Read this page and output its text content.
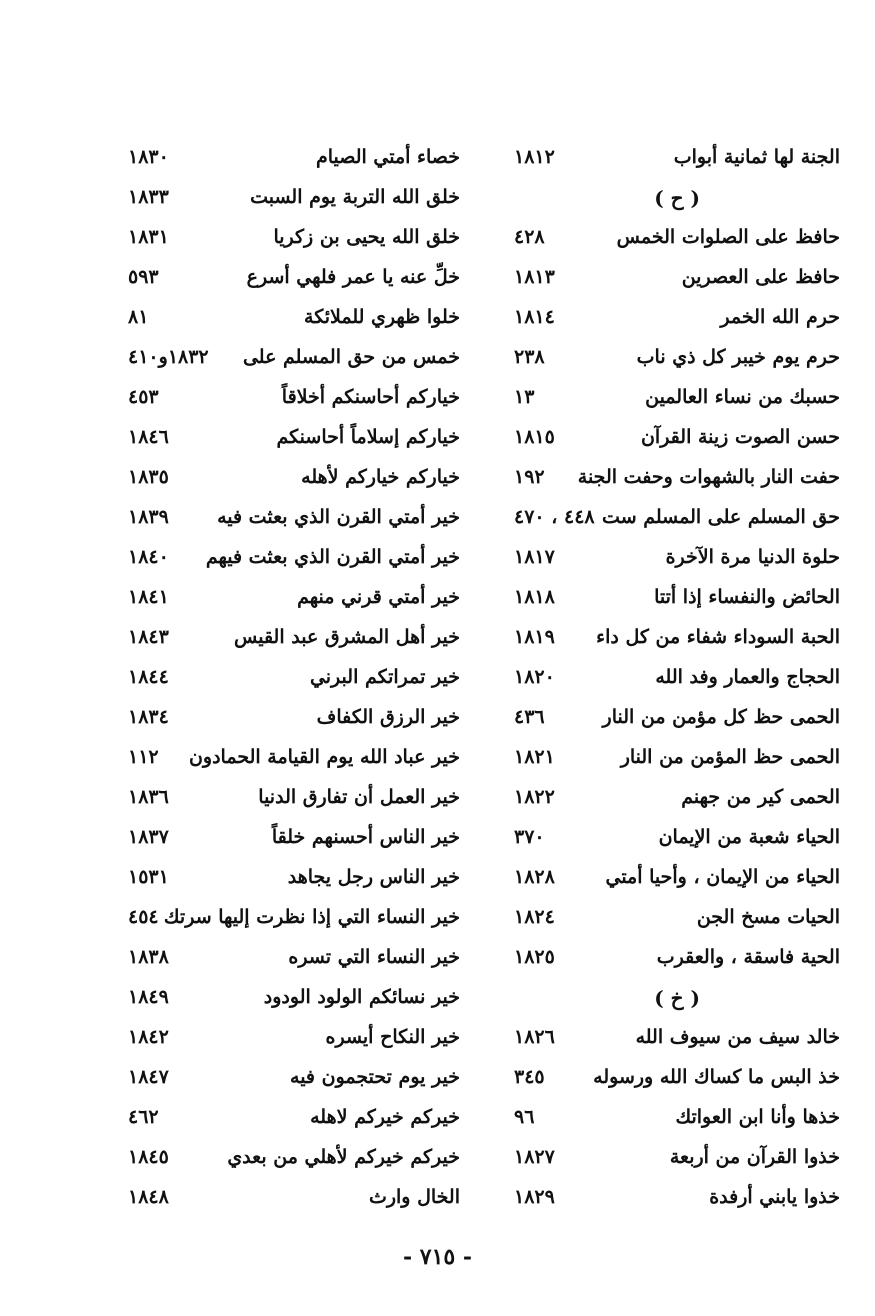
الجنة لها ثمانية أبواب
١٨١٢
( ح )
حافظ على الصلوات الخمس
٤٢٨
حافظ على العصرين
١٨١٣
حرم الله الخمر
١٨١٤
حرم يوم خيبر كل ذي ناب
٢٣٨
حسبك من نساء العالمين
١٣
حسن الصوت زينة القرآن
١٨١٥
حفت النار بالشهوات وحفت الجنة
١٩٢
حق المسلم على المسلم ست
٤٤٨ ، ٤٧٠
حلوة الدنيا مرة الآخرة
١٨١٧
الحائض والنفساء إذا أتتا
١٨١٨
الحبة السوداء شفاء من كل داء
١٨١٩
الحجاج والعمار وفد الله
١٨٢٠
الحمى حظ كل مؤمن من النار
٤٣٦
الحمى حظ المؤمن من النار
١٨٢١
الحمى كير من جهنم
١٨٢٢
الحياء شعبة من الإيمان
٣٧٠
الحياء من الإيمان ، وأحيا أمتي
١٨٢٨
الحيات مسخ الجن
١٨٢٤
الحية فاسقة ، والعقرب
١٨٢٥
( خ )
خالد سيف من سيوف الله
١٨٢٦
خذ البس ما كساك الله ورسوله
٣٤٥
خذها وأنا ابن العواتك
٩٦
خذوا القرآن من أربعة
١٨٢٧
خذوا يابني أرفدة
١٨٢٩
خصاء أمتي الصيام
١٨٣٠
خلق الله التربة يوم السبت
١٨٣٣
خلق الله يحيى بن زكريا
١٨٣١
خلِّ عنه يا عمر فلهي أسرع
٥٩٣
خلوا ظهري للملائكة
٨١
خمس من حق المسلم على
١٨٣٢و٤١٠
خياركم أحاسنكم أخلاقاً
٤٥٣
خياركم إسلاماً أحاسنكم
١٨٤٦
خياركم خياركم لأهله
١٨٣٥
خير أمتي القرن الذي بعثت فيه
١٨٣٩
خير أمتي القرن الذي بعثت فيهم
١٨٤٠
خير أمتي قرني منهم
١٨٤١
خير أهل المشرق عبد القيس
١٨٤٣
خير تمراتكم البرني
١٨٤٤
خير الرزق الكفاف
١٨٣٤
خير عباد الله يوم القيامة الحمادون
١١٢
خير العمل أن تفارق الدنيا
١٨٣٦
خير الناس أحسنهم خلقاً
١٨٣٧
خير الناس رجل يجاهد
١٥٣١
خير النساء التي إذا نظرت إليها سرتك
٤٥٤
خير النساء التي تسره
١٨٣٨
خير نسائكم الولود الودود
١٨٤٩
خير النكاح أيسره
١٨٤٢
خير يوم تحتجمون فيه
١٨٤٧
خيركم خيركم لاهله
٤٦٢
خيركم خيركم لأهلي من بعدي
١٨٤٥
الخال وارث
١٨٤٨
- ٧١٥ -
